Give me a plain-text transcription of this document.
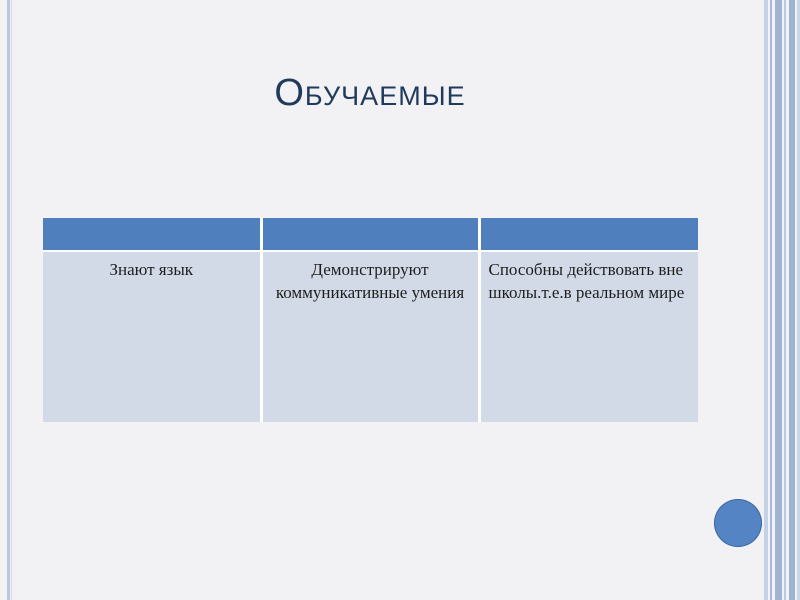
Обучаемые

Знают язык	Демонстрируют коммуникативные умения	Способны действовать вне школы.т.е.в реальном мире
